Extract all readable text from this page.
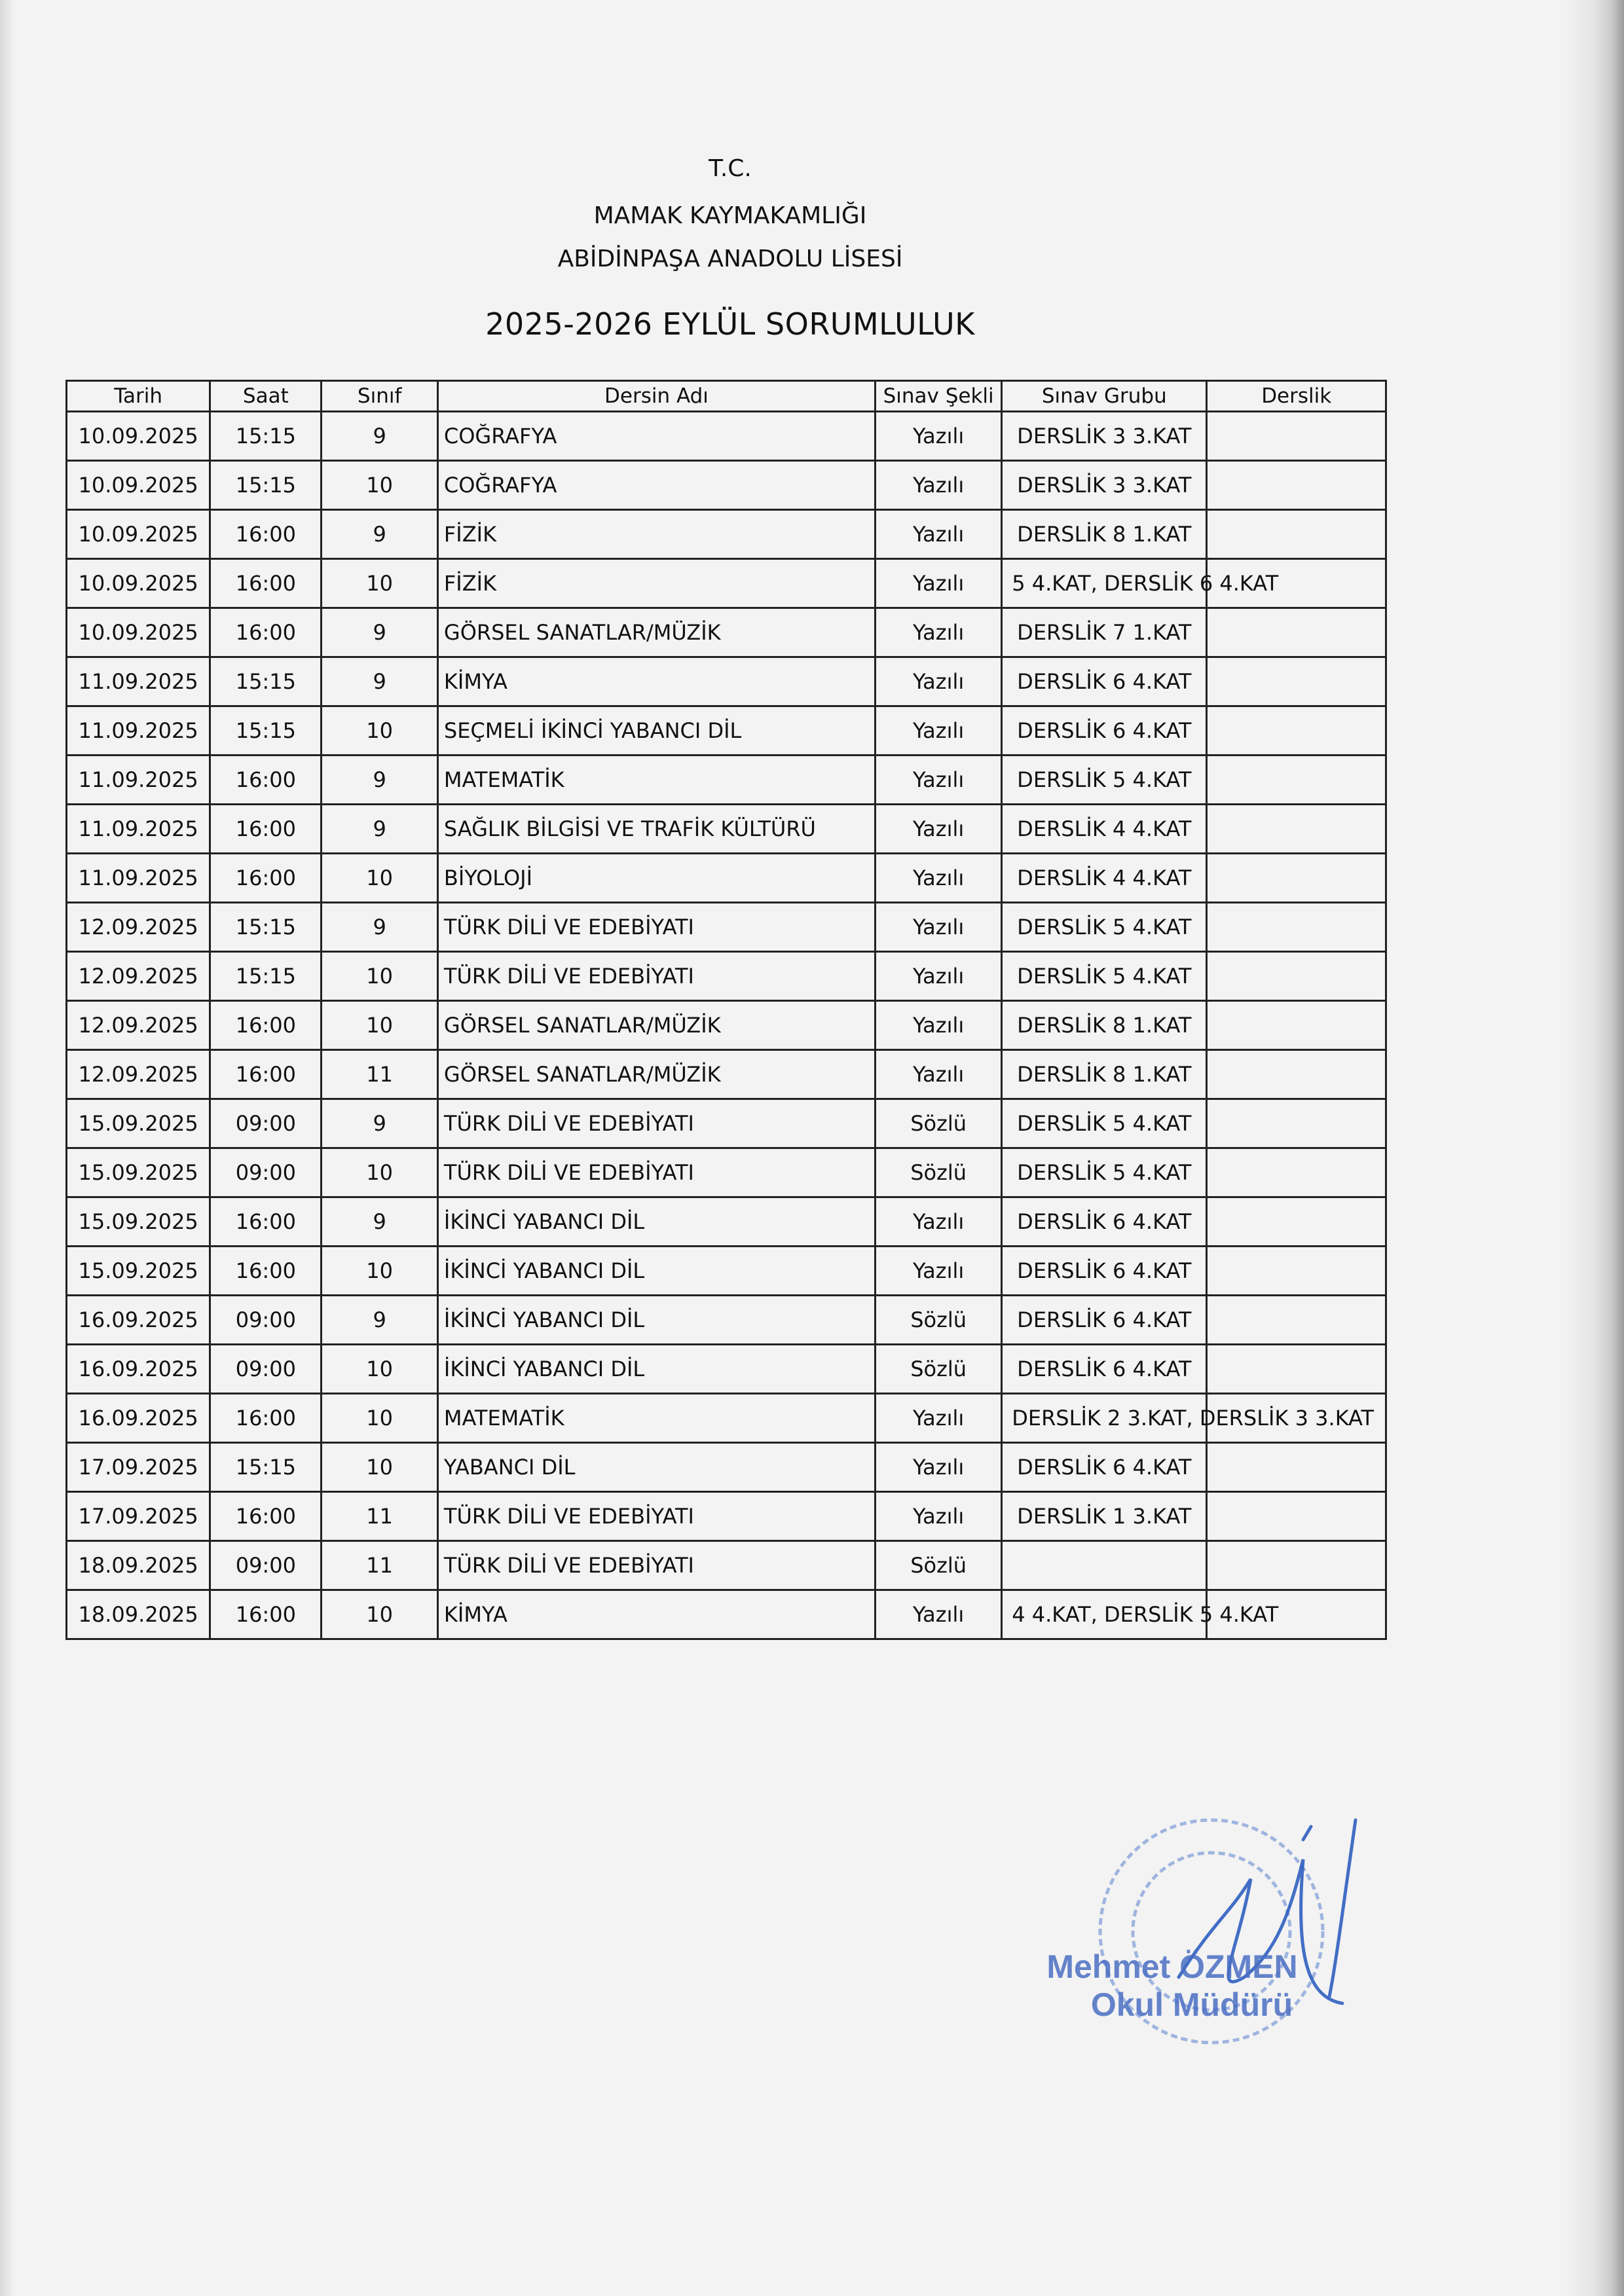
T.C.
MAMAK KAYMAKAMLIĞI
ABİDİNPAŞA ANADOLU LİSESİ
2025-2026 EYLÜL SORUMLULUK
Tarih	Saat	Sınıf	Dersin Adı	Sınav Şekli	Sınav Grubu	Derslik
10.09.2025	15:15	9	COĞRAFYA	Yazılı	DERSLİK 3 3.KAT	
10.09.2025	15:15	10	COĞRAFYA	Yazılı	DERSLİK 3 3.KAT	
10.09.2025	16:00	9	FİZİK	Yazılı	DERSLİK 8 1.KAT	
10.09.2025	16:00	10	FİZİK	Yazılı	5 4.KAT, DERSLİK 6 4.KAT	
10.09.2025	16:00	9	GÖRSEL SANATLAR/MÜZİK	Yazılı	DERSLİK 7 1.KAT	
11.09.2025	15:15	9	KİMYA	Yazılı	DERSLİK 6 4.KAT	
11.09.2025	15:15	10	SEÇMELİ İKİNCİ YABANCI DİL	Yazılı	DERSLİK 6 4.KAT	
11.09.2025	16:00	9	MATEMATİK	Yazılı	DERSLİK 5 4.KAT	
11.09.2025	16:00	9	SAĞLIK BİLGİSİ VE TRAFİK KÜLTÜRÜ	Yazılı	DERSLİK 4 4.KAT	
11.09.2025	16:00	10	BİYOLOJİ	Yazılı	DERSLİK 4 4.KAT	
12.09.2025	15:15	9	TÜRK DİLİ VE EDEBİYATI	Yazılı	DERSLİK 5 4.KAT	
12.09.2025	15:15	10	TÜRK DİLİ VE EDEBİYATI	Yazılı	DERSLİK 5 4.KAT	
12.09.2025	16:00	10	GÖRSEL SANATLAR/MÜZİK	Yazılı	DERSLİK 8 1.KAT	
12.09.2025	16:00	11	GÖRSEL SANATLAR/MÜZİK	Yazılı	DERSLİK 8 1.KAT	
15.09.2025	09:00	9	TÜRK DİLİ VE EDEBİYATI	Sözlü	DERSLİK 5 4.KAT	
15.09.2025	09:00	10	TÜRK DİLİ VE EDEBİYATI	Sözlü	DERSLİK 5 4.KAT	
15.09.2025	16:00	9	İKİNCİ YABANCI DİL	Yazılı	DERSLİK 6 4.KAT	
15.09.2025	16:00	10	İKİNCİ YABANCI DİL	Yazılı	DERSLİK 6 4.KAT	
16.09.2025	09:00	9	İKİNCİ YABANCI DİL	Sözlü	DERSLİK 6 4.KAT	
16.09.2025	09:00	10	İKİNCİ YABANCI DİL	Sözlü	DERSLİK 6 4.KAT	
16.09.2025	16:00	10	MATEMATİK	Yazılı	DERSLİK 2 3.KAT, DERSLİK 3 3.KAT	
17.09.2025	15:15	10	YABANCI DİL	Yazılı	DERSLİK 6 4.KAT	
17.09.2025	16:00	11	TÜRK DİLİ VE EDEBİYATI	Yazılı	DERSLİK 1 3.KAT	
18.09.2025	09:00	11	TÜRK DİLİ VE EDEBİYATI	Sözlü		
18.09.2025	16:00	10	KİMYA	Yazılı	4 4.KAT, DERSLİK 5 4.KAT	
Mehmet ÖZMEN
Okul Müdürü
